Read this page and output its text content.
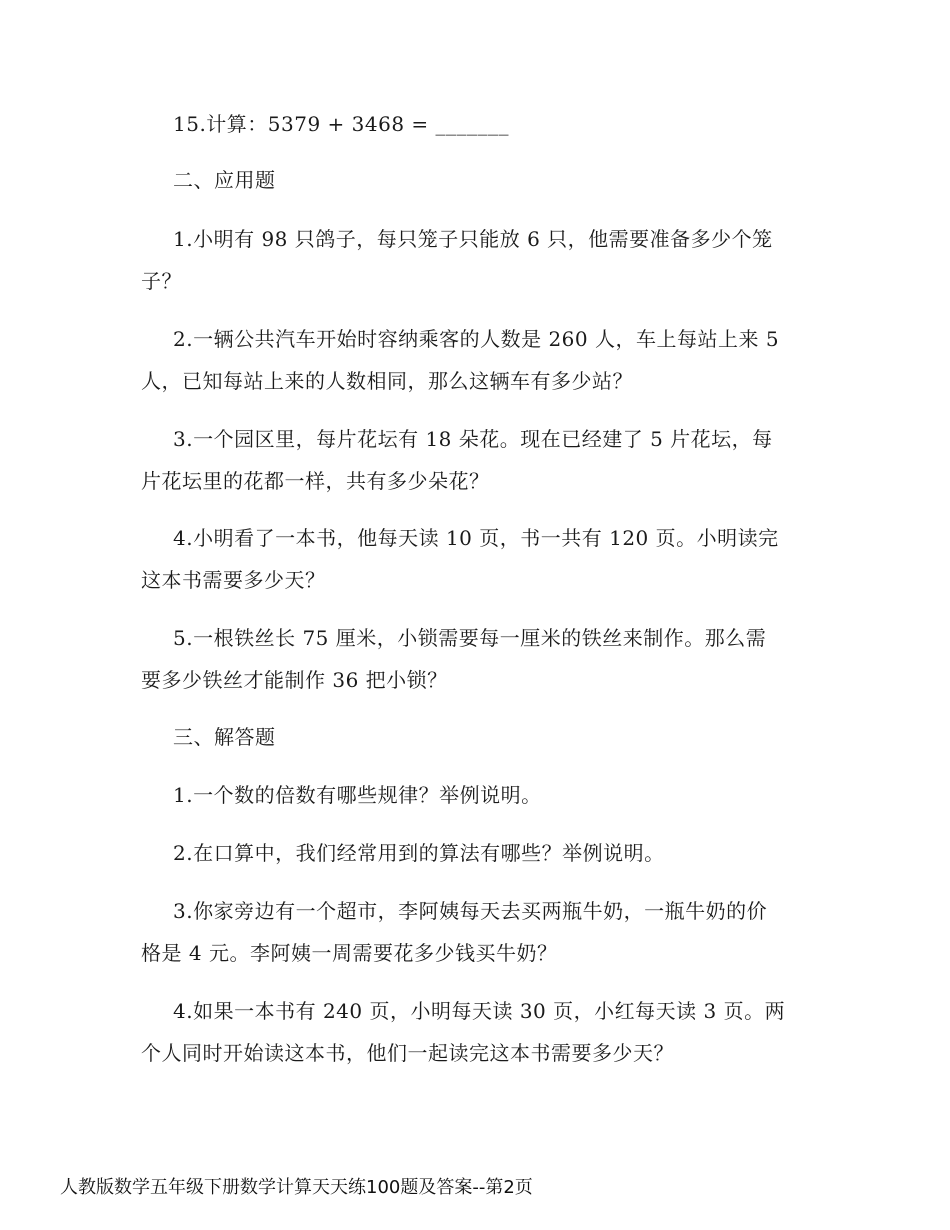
15.计算：5379 + 3468 = _______
二、应用题
1.小明有 98 只鸽子，每只笼子只能放 6 只，他需要准备多少个笼
子？
2.一辆公共汽车开始时容纳乘客的人数是 260 人，车上每站上来 5
人，已知每站上来的人数相同，那么这辆车有多少站？
3.一个园区里，每片花坛有 18 朵花。现在已经建了 5 片花坛，每
片花坛里的花都一样，共有多少朵花？
4.小明看了一本书，他每天读 10 页，书一共有 120 页。小明读完
这本书需要多少天？
5.一根铁丝长 75 厘米，小锁需要每一厘米的铁丝来制作。那么需
要多少铁丝才能制作 36 把小锁？
三、解答题
1.一个数的倍数有哪些规律？举例说明。
2.在口算中，我们经常用到的算法有哪些？举例说明。
3.你家旁边有一个超市，李阿姨每天去买两瓶牛奶，一瓶牛奶的价
格是 4 元。李阿姨一周需要花多少钱买牛奶？
4.如果一本书有 240 页，小明每天读 30 页，小红每天读 3 页。两
个人同时开始读这本书，他们一起读完这本书需要多少天？
人教版数学五年级下册数学计算天天练100题及答案--第2页
